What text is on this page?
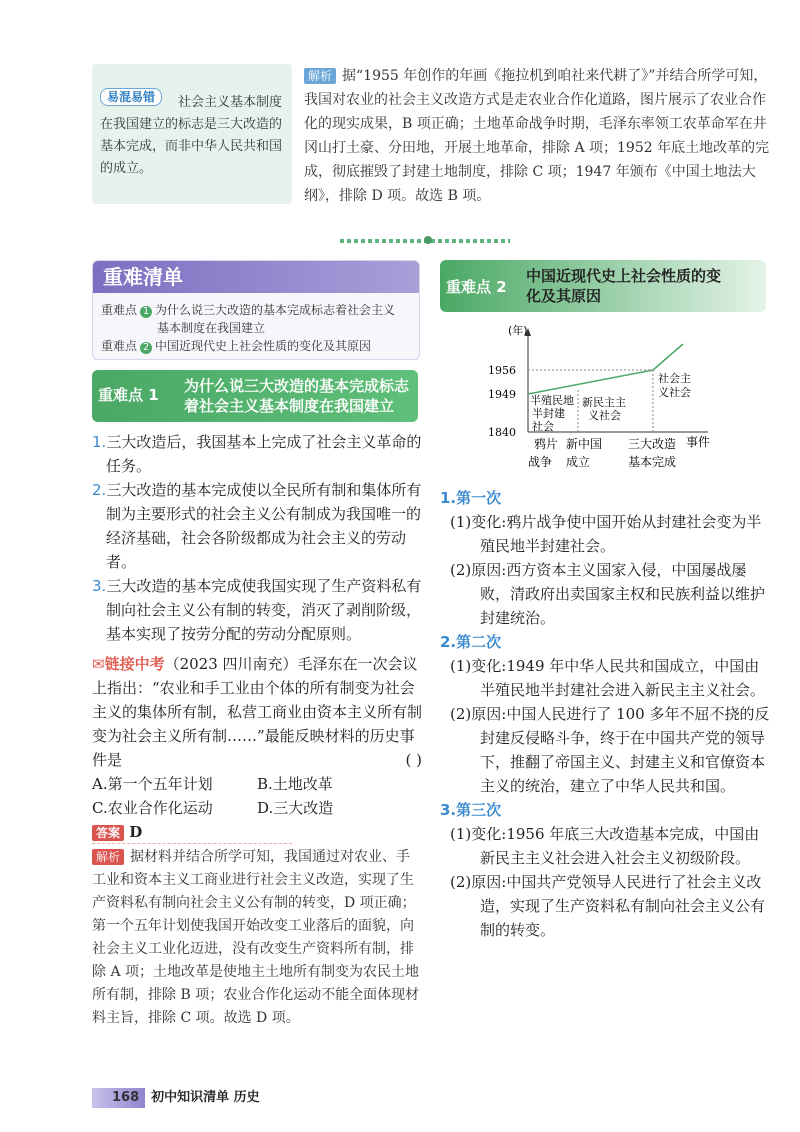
易混易错	社会主义基本制度在我国建立的标志是三大改造的基本完成，而非中华人民共和国的成立。
解析 据“1955 年创作的年画《拖拉机到咱社来代耕了》”并结合所学可知，我国对农业的社会主义改造方式是走农业合作化道路，图片展示了农业合作化的现实成果，B 项正确；土地革命战争时期，毛泽东率领工农革命军在井冈山打土豪、分田地，开展土地革命，排除 A 项；1952 年底土地改革的完成，彻底摧毁了封建土地制度，排除 C 项；1947 年颁布《中国土地法大纲》，排除 D 项。故选 B 项。
重难清单
重难点 1 为什么说三大改造的基本完成标志着社会主义
基本制度在我国建立
重难点 2 中国近现代史上社会性质的变化及其原因
重难点 1 为什么说三大改造的基本完成标志着社会主义基本制度在我国建立

1.三大改造后，我国基本上完成了社会主义革命的任务。

2.三大改造的基本完成使以全民所有制和集体所有制为主要形式的社会主义公有制成为我国唯一的经济基础，社会各阶级都成为社会主义的劳动者。

3.三大改造的基本完成使我国实现了生产资料私有制向社会主义公有制的转变，消灭了剥削阶级，基本实现了按劳分配的劳动分配原则。

✉链接中考（2023 四川南充）毛泽东在一次会议上指出：“农业和手工业由个体的所有制变为社会主义的集体所有制，私营工商业由资本主义所有制变为社会主义所有制……”最能反映材料的历史事件是	( )

A.第一个五年计划	B.土地改革
C.农业合作化运动	D.三大改造
答案 D
解析 据材料并结合所学可知，我国通过对农业、手工业和资本主义工商业进行社会主义改造，实现了生产资料私有制向社会主义公有制的转变，D 项正确；第一个五年计划使我国开始改变工业落后的面貌，向社会主义工业化迈进，没有改变生产资料所有制，排除 A 项；土地改革是使地主土地所有制变为农民土地所有制，排除 B 项；农业合作化运动不能全面体现材料主旨，排除 C 项。故选 D 项。
重难点 2
中国近现代史上社会性质的变化及其原因
(年)
事件
1840
1949
1956
半殖民地
半封建
社会
新民主主
义社会
社会主
义社会
鸦片
战争
新中国
成立
三大改造
基本完成

1.第一次

(1)变化:鸦片战争使中国开始从封建社会变为半殖民地半封建社会。

(2)原因:西方资本主义国家入侵，中国屡战屡败，清政府出卖国家主权和民族利益以维护封建统治。

2.第二次

(1)变化:1949 年中华人民共和国成立，中国由半殖民地半封建社会进入新民主主义社会。

(2)原因:中国人民进行了 100 多年不屈不挠的反封建反侵略斗争，终于在中国共产党的领导下，推翻了帝国主义、封建主义和官僚资本主义的统治，建立了中华人民共和国。

3.第三次

(1)变化:1956 年底三大改造基本完成，中国由新民主主义社会进入社会主义初级阶段。

(2)原因:中国共产党领导人民进行了社会主义改造，实现了生产资料私有制向社会主义公有制的转变。

168 初中知识清单 历史
